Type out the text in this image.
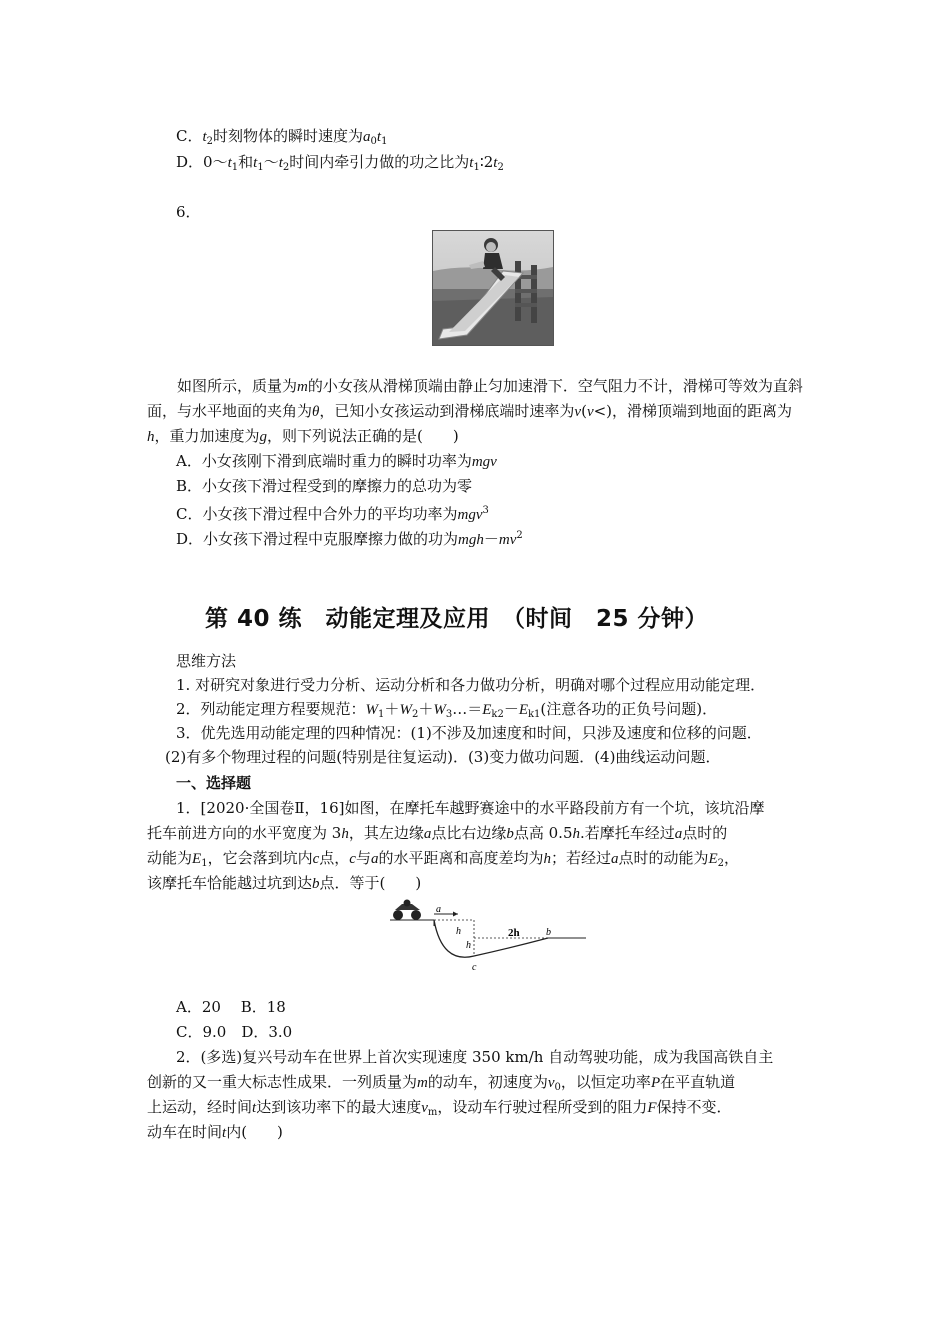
C．$t_2$时刻物体的瞬时速度为$a_0t_1$
D．$0\sim t_1$和$t_1\sim t_2$时间内牵引力做的功之比为$t_1∶2t_2$
6．
如图所示，质量为m的小女孩从滑梯顶端由静止匀加速滑下．空气阻力不计，滑梯可等效为直斜面，与水平地面的夹角为θ，已知小女孩运动到滑梯底端时速率为v(v<)，滑梯顶端到地面的距离为h，重力加速度为g，则下列说法正确的是(　　)
A．小女孩刚下滑到底端时重力的瞬时功率为mgv
B．小女孩下滑过程受到的摩擦力的总功为零
C．小女孩下滑过程中合外力的平均功率为mgv$^3$
D．小女孩下滑过程中克服摩擦力做的功为$mgh-mv^2$
第 40 练　动能定理及应用　（时间　25 分钟）
思维方法
1. 对研究对象进行受力分析、运动分析和各力做功分析，明确对哪个过程应用动能定理．
2．列动能定理方程要规范：$W_1+W_2+W_3\dots=E_{k2}-E_{k1}$(注意各功的正负号问题)．
3．优先选用动能定理的四种情况：(1)不涉及加速度和时间，只涉及速度和位移的问题．
(2)有多个物理过程的问题(特别是往复运动)．(3)变力做功问题．(4)曲线运动问题．
一、选择题
1．[2020·全国卷Ⅱ，16]如图，在摩托车越野赛途中的水平路段前方有一个坑，该坑沿摩
托车前进方向的水平宽度为 3h，其左边缘a点比右边缘b点高 0.5h.若摩托车经过a点时的
动能为$E_1$，它会落到坑内c点，c与a的水平距离和高度差均为h；若经过a点时的动能为$E_2$，
该摩托车恰能越过坑到达b点．等于(　　)
a
h
h
2h	b
c
A．20　 B．18
C．9.0　D．3.0
2．(多选)复兴号动车在世界上首次实现速度 350 km/h 自动驾驶功能，成为我国高铁自主
创新的又一重大标志性成果．一列质量为m的动车，初速度为$v_0$，以恒定功率P在平直轨道
上运动，经时间t达到该功率下的最大速度$v_m$，设动车行驶过程所受到的阻力F保持不变．
动车在时间t内(　　)
